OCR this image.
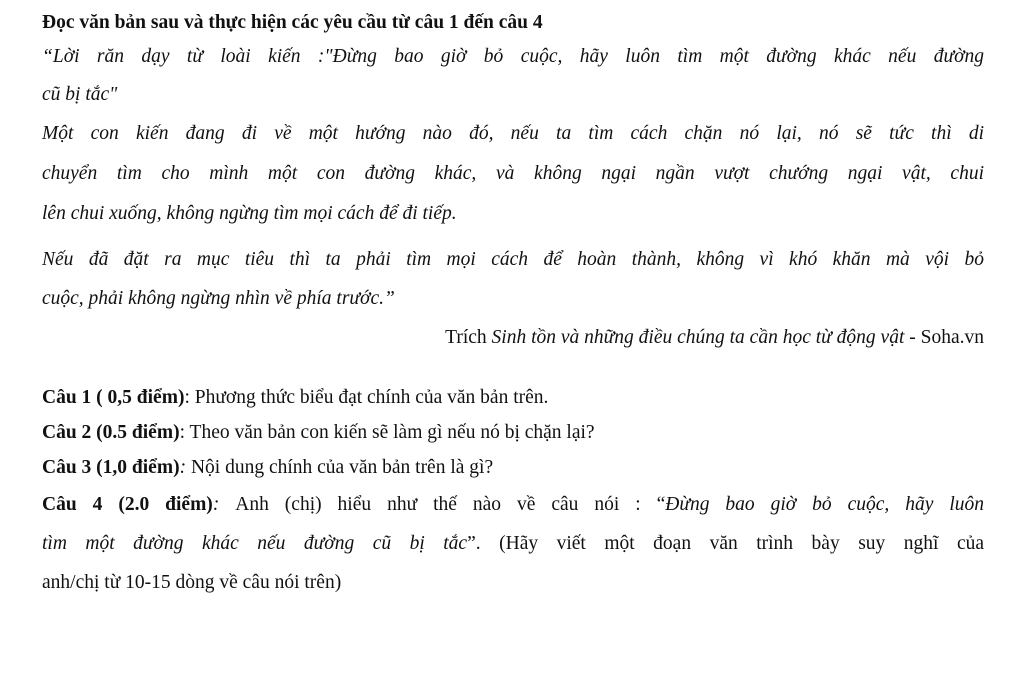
Đọc văn bản sau và thực hiện các yêu cầu từ câu 1 đến câu 4
“Lời răn dạy từ loài kiến :"Đừng bao giờ bỏ cuộc, hãy luôn tìm một đường khác nếu đường
cũ bị tắc"
Một con kiến đang đi về một hướng nào đó, nếu ta tìm cách chặn nó lại, nó sẽ tức thì di
chuyển tìm cho mình một con đường khác, và không ngại ngần vượt chướng ngại vật, chui
lên chui xuống, không ngừng tìm mọi cách để đi tiếp.
Nếu đã đặt ra mục tiêu thì ta phải tìm mọi cách để hoàn thành, không vì khó khăn mà vội bỏ
cuộc, phải không ngừng nhìn về phía trước.”
Trích Sinh tồn và những điều chúng ta cần học từ động vật - Soha.vn
Câu 1 ( 0,5 điểm): Phương thức biểu đạt chính của văn bản trên.
Câu 2 (0.5 điểm): Theo văn bản con kiến sẽ làm gì nếu nó bị chặn lại?
Câu 3 (1,0 điểm): Nội dung chính của văn bản trên là gì?
Câu 4 (2.0 điểm): Anh (chị) hiểu như thế nào về câu nói : “Đừng bao giờ bỏ cuộc, hãy luôn
tìm một đường khác nếu đường cũ bị tắc”. (Hãy viết một đoạn văn trình bày suy nghĩ của
anh/chị từ 10-15 dòng về câu nói trên)
